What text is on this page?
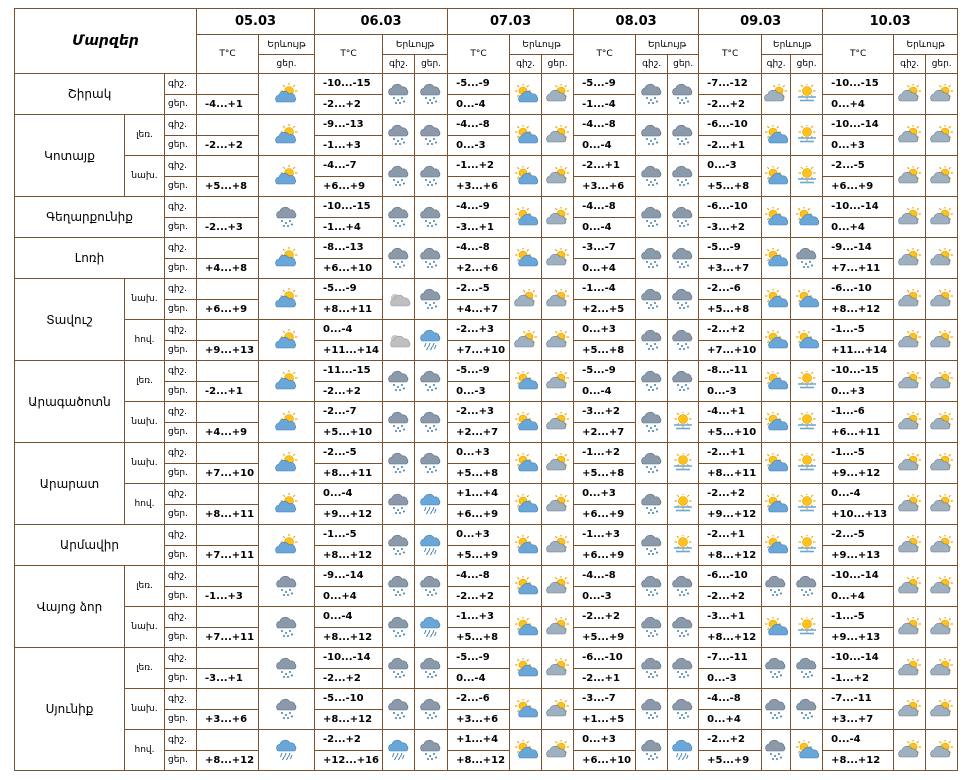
Մարզեր			05.03		06.03			07.03			08.03			09.03			10.03		
			T°C	Երևույթ	T°C	Երևույթ		T°C	Երևույթ		T°C	Երևույթ		T°C	Երևույթ		T°C	Երևույթ	
				ցեր.		գիշ.	ցեր.		գիշ.	ցեր.		գիշ.	ցեր.		գիշ.	ցեր.		գիշ.	ցեր.
Շիրակ		գիշ.			-10...-15			-5...-9			-5...-9			-7...-12			-10...-15	

		ցեր.	-4...+1		-2...+2			0...-4			-1...-4			-2...+2			0...+4		
Կոտայք	լեռ.	գիշ.			-9...-13			-4...-8			-4...-8			-6...-10			-10...-14	

		ցեր.	-2...+2		-1...+3			0...-3			0...-4			-2...+1			0...+3		
	նախ.	գիշ.			-4...-7			-1...+2			-2...+1			0...-3			-2...-5	

		ցեր.	+5...+8		+6...+9			+3...+6			+3...+6			+5...+8			+6...+9		
Գեղարքունիք		գիշ.			-10...-15			-4...-9			-4...-8			-6...-10			-10...-14	

		ցեր.	-2...+3		-1...+4			-3...+1			0...-4			-3...+2			0...+4		
Լոռի		գիշ.			-8...-13			-4...-8			-3...-7			-5...-9			-9...-14	

		ցեր.	+4...+8		+6...+10			+2...+6			0...+4			+3...+7			+7...+11		
Տավուշ	նախ.	գիշ.			-5...-9			-2...-5			-1...-4			-2...-6			-6...-10	

		ցեր.	+6...+9		+8...+11			+4...+7			+2...+5			+5...+8			+8...+12		
	հով.	գիշ.			0...-4			-2...+3			0...+3			-2...+2			-1...-5	

		ցեր.	+9...+13		+11...+14			+7...+10			+5...+8			+7...+10			+11...+14		
Արագածոտն	լեռ.	գիշ.			-11...-15			-5...-9			-5...-9			-8...-11			-10...-15	

		ցեր.	-2...+1		-2...+2			0...-3			0...-4			0...-3			0...+3		
	նախ.	գիշ.			-2...-7			-2...+3			-3...+2			-4...+1			-1...-6	

		ցեր.	+4...+9		+5...+10			+2...+7			+2...+7			+5...+10			+6...+11		
Արարատ	նախ.	գիշ.			-2...-5			0...+3			-1...+2			-2...+1			-1...-5	

		ցեր.	+7...+10		+8...+11			+5...+8			+5...+8			+8...+11			+9...+12		
	հով.	գիշ.			0...-4			+1...+4			0...+3			-2...+2			0...-4	

		ցեր.	+8...+11		+9...+12			+6...+9			+6...+9			+9...+12			+10...+13		
Արմավիր		գիշ.			-1...-5			0...+3			-1...+3			-2...+1			-2...-5	

		ցեր.	+7...+11		+8...+12			+5...+9			+6...+9			+8...+12			+9...+13		
Վայոց ձոր	լեռ.	գիշ.			-9...-14			-4...-8			-4...-8			-6...-10			-10...-14	

		ցեր.	-1...+3		0...+4			-2...+2			0...-3			-2...+2			0...+4		
	նախ.	գիշ.			0...-4			-1...+3			-2...+2			-3...+1			-1...-5	

		ցեր.	+7...+11		+8...+12			+5...+8			+5...+9			+8...+12			+9...+13		
Սյունիք	լեռ.	գիշ.			-10...-14			-5...-9			-6...-10			-7...-11			-10...-14	

		ցեր.	-3...+1		-2...+2			0...-4			-2...+1			0...-3			-1...+2		
	նախ.	գիշ.			-5...-10			-2...-6			-3...-7			-4...-8			-7...-11	

		ցեր.	+3...+6		+8...+12			+3...+6			+1...+5			0...+4			+3...+7		
	հով.	գիշ.			-2...+2			+1...+4			0...+3			-2...+2			0...-4	

		ցեր.	+8...+12		+12...+16			+8...+12			+6...+10			+5...+9			+8...+12		
